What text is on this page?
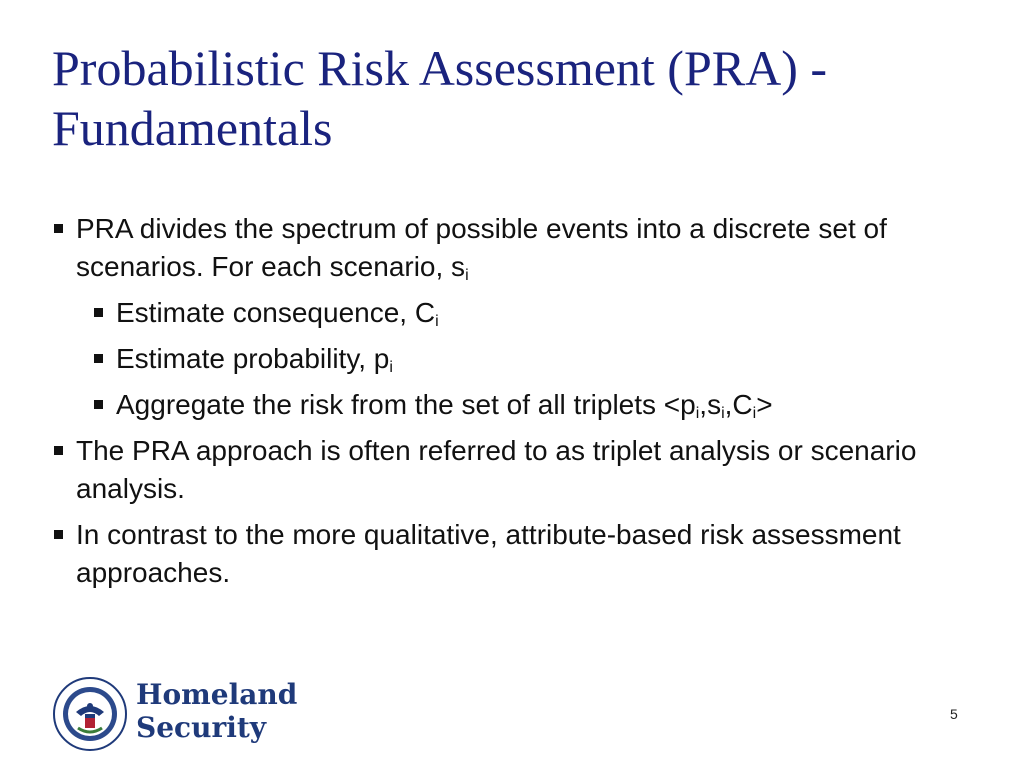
Probabilistic Risk Assessment (PRA) - Fundamentals

PRA divides the spectrum of possible events into a discrete set of scenarios. For each scenario, $s_i$

Estimate consequence, $C_i$

Estimate probability, $p_i$

Aggregate the risk from the set of all triplets $<p_i,s_i,C_i>$

The PRA approach is often referred to as triplet analysis or scenario analysis.

In contrast to the more qualitative, attribute-based risk assessment approaches.

Homeland
Security	5
